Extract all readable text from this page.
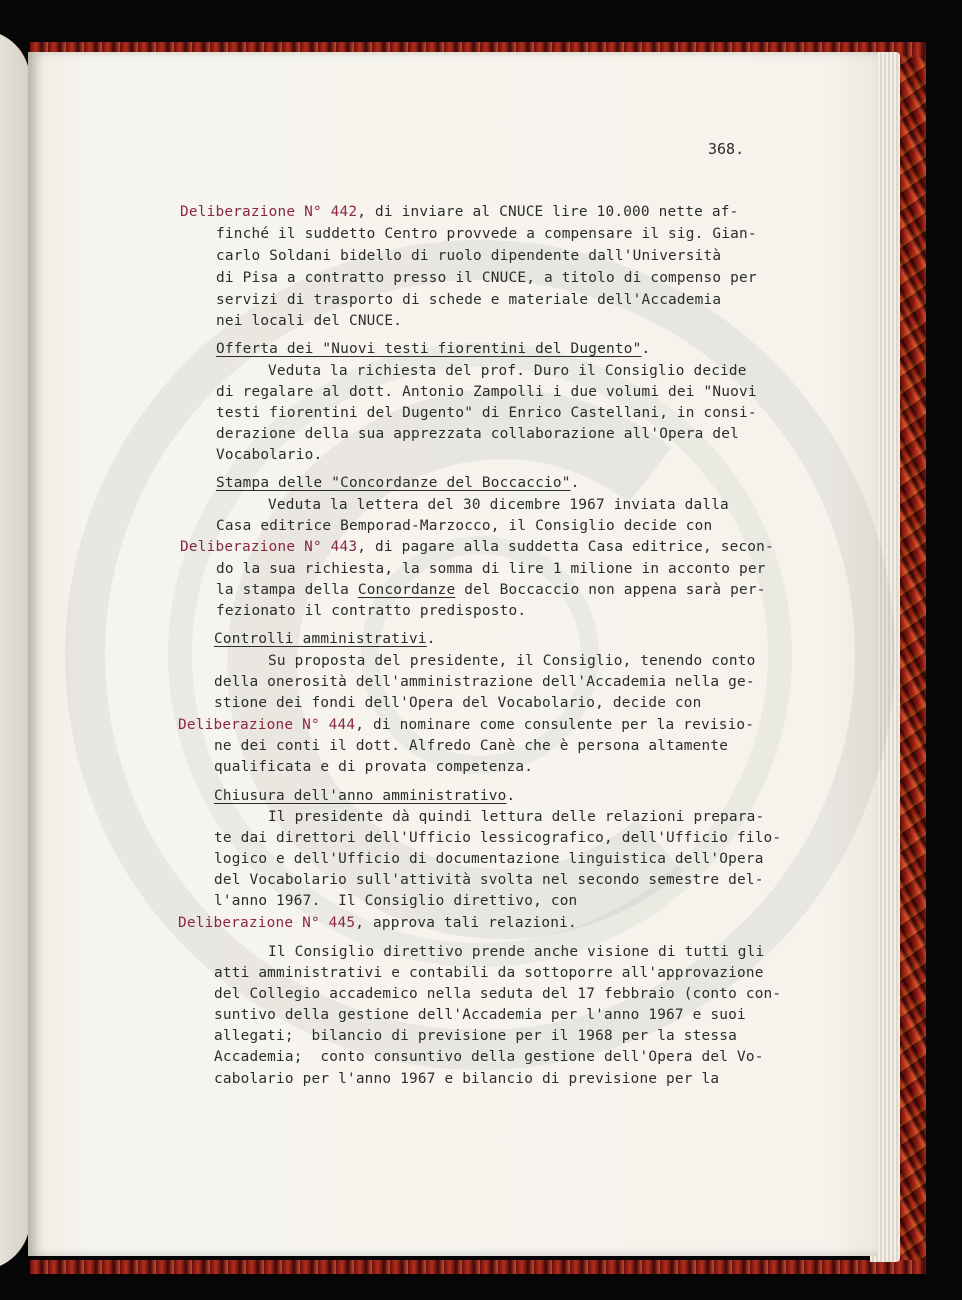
368.
Deliberazione N° 442, di inviare al CNUCE lire 10.000 nette af-
finché il suddetto Centro provvede a compensare il sig. Gian-
carlo Soldani bidello di ruolo dipendente dall'Università
di Pisa a contratto presso il CNUCE, a titolo di compenso per
servizi di trasporto di schede e materiale dell'Accademia
nei locali del CNUCE.
Offerta dei "Nuovi testi fiorentini del Dugento".
Veduta la richiesta del prof. Duro il Consiglio decide
di regalare al dott. Antonio Zampolli i due volumi dei "Nuovi
testi fiorentini del Dugento" di Enrico Castellani, in consi-
derazione della sua apprezzata collaborazione all'Opera del
Vocabolario.
Stampa delle "Concordanze del Boccaccio".
Veduta la lettera del 30 dicembre 1967 inviata dalla
Casa editrice Bemporad-Marzocco, il Consiglio decide con
Deliberazione N° 443, di pagare alla suddetta Casa editrice, secon-
do la sua richiesta, la somma di lire 1 milione in acconto per
la stampa della Concordanze del Boccaccio non appena sarà per-
fezionato il contratto predisposto.
Controlli amministrativi.
Su proposta del presidente, il Consiglio, tenendo conto
della onerosità dell'amministrazione dell'Accademia nella ge-
stione dei fondi dell'Opera del Vocabolario, decide con
Deliberazione N° 444, di nominare come consulente per la revisio-
ne dei conti il dott. Alfredo Canè che è persona altamente
qualificata e di provata competenza.
Chiusura dell'anno amministrativo.
Il presidente dà quindi lettura delle relazioni prepara-
te dai direttori dell'Ufficio lessicografico, dell'Ufficio filo-
logico e dell'Ufficio di documentazione linguistica dell'Opera
del Vocabolario sull'attività svolta nel secondo semestre del-
l'anno 1967.  Il Consiglio direttivo, con
Deliberazione N° 445, approva tali relazioni.
Il Consiglio direttivo prende anche visione di tutti gli
atti amministrativi e contabili da sottoporre all'approvazione
del Collegio accademico nella seduta del 17 febbraio (conto con-
suntivo della gestione dell'Accademia per l'anno 1967 e suoi
allegati;  bilancio di previsione per il 1968 per la stessa
Accademia;  conto consuntivo della gestione dell'Opera del Vo-
cabolario per l'anno 1967 e bilancio di previsione per la
